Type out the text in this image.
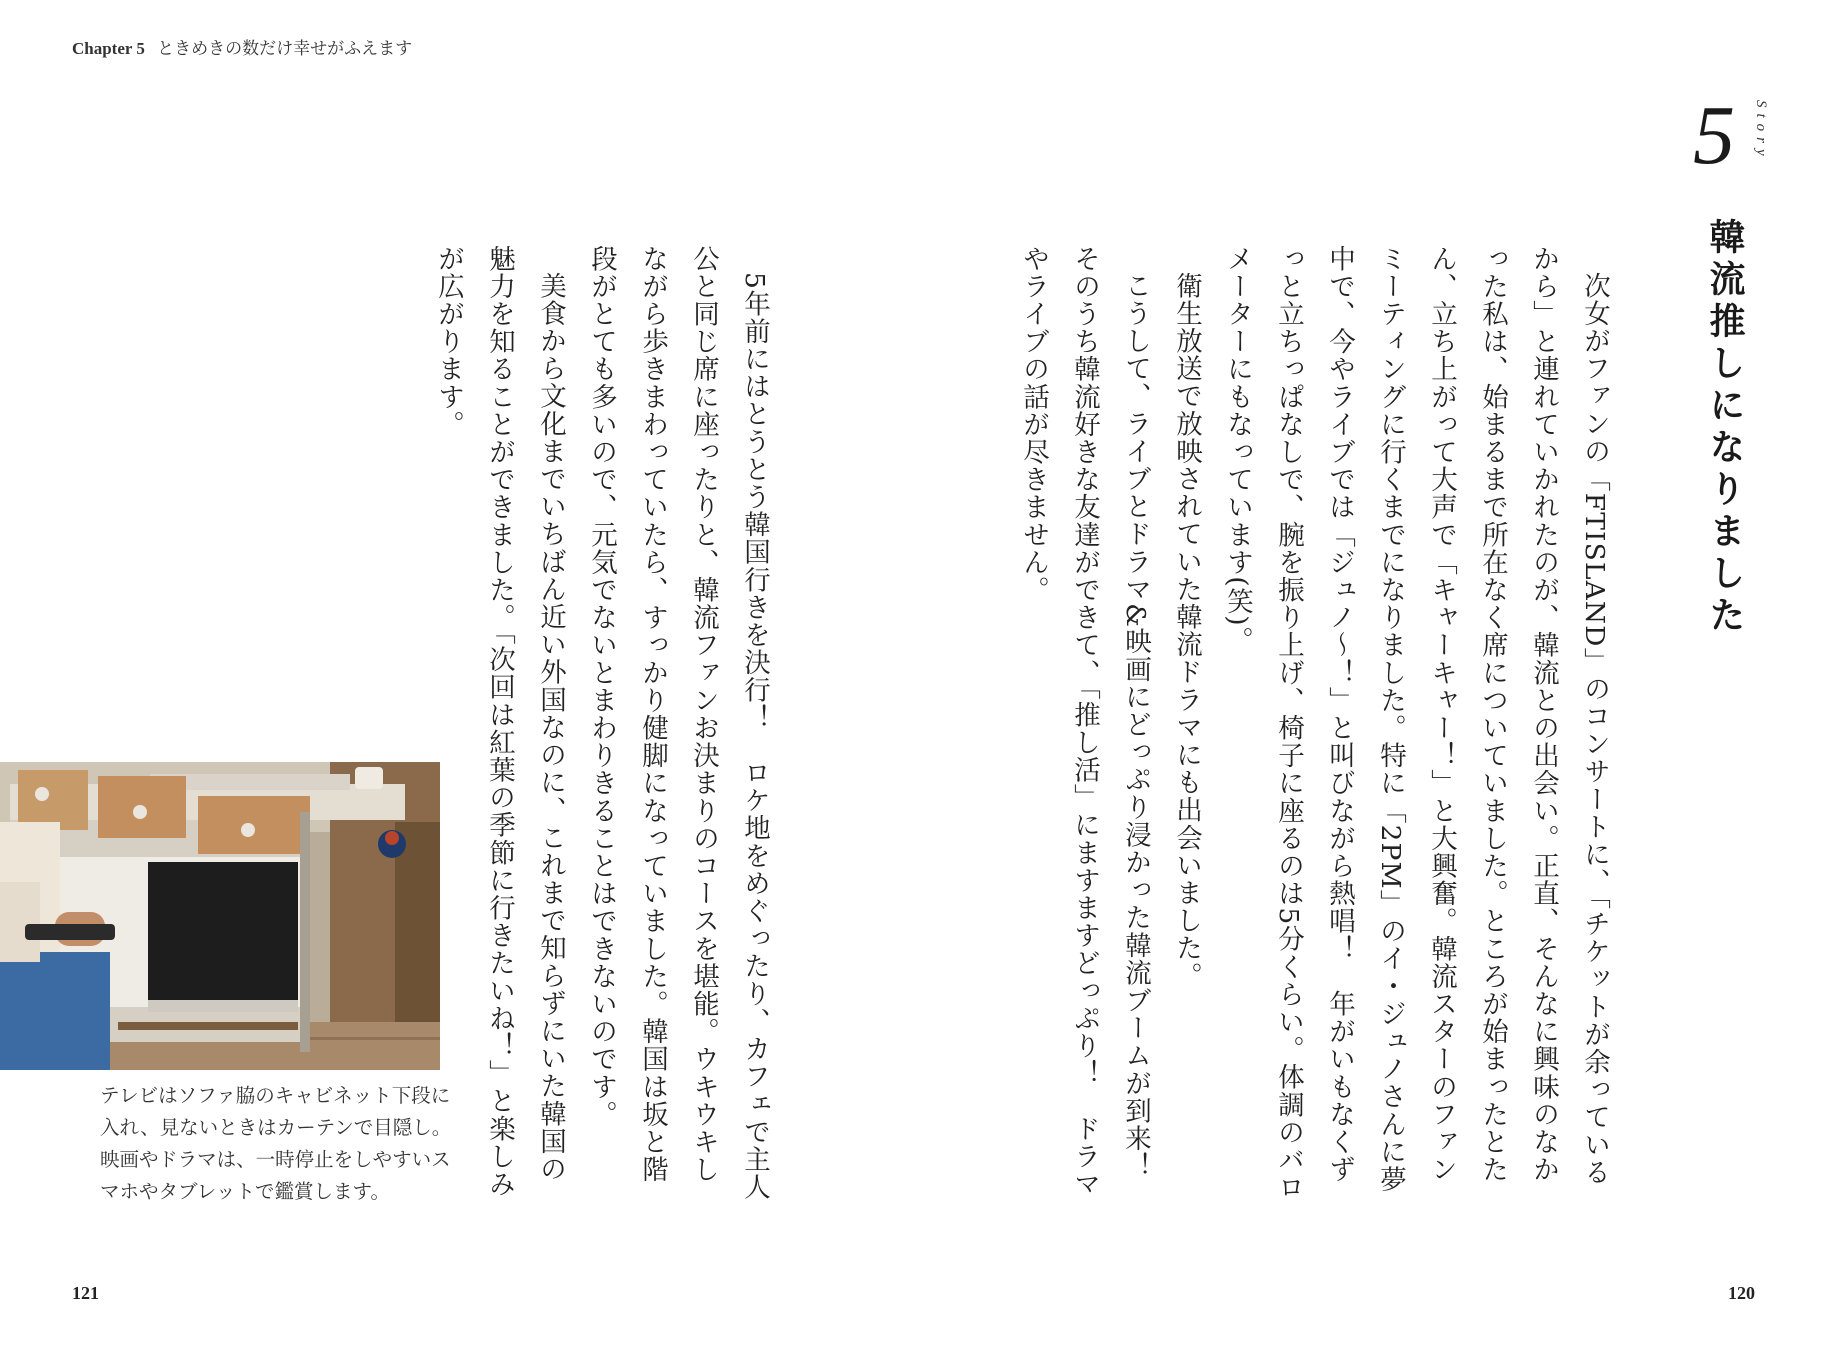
Chapter 5 ときめきの数だけ幸せがふえます
5 Story
韓流推しになりました

次女がファンの「FTISLAND」のコンサートに、「チケットが余っているから」と連れていかれたのが、韓流との出会い。正直、そんなに興味のなかった私は、始まるまで所在なく席についていました。ところが始まったとたん、立ち上がって大声で「キャーキャー！」と大興奮。韓流スターのファンミーティングに行くまでになりました。特に「2PM」のイ・ジュノさんに夢中で、今やライブでは「ジュノ〜！」と叫びながら熱唱！　年がいもなくずっと立ちっぱなしで、腕を振り上げ、椅子に座るのは5分くらい。体調のバロメーターにもなっています(笑)。

衛生放送で放映されていた韓流ドラマにも出会いました。

こうして、ライブとドラマ&映画にどっぷり浸かった韓流ブームが到来！　そのうち韓流好きな友達ができて、「推し活」にますますどっぷり！　ドラマやライブの話が尽きません。

5年前にはとうとう韓国行きを決行！　ロケ地をめぐったり、カフェで主人公と同じ席に座ったりと、韓流ファンお決まりのコースを堪能。ウキウキしながら歩きまわっていたら、すっかり健脚になっていました。韓国は坂と階段がとても多いので、元気でないとまわりきることはできないのです。

美食から文化までいちばん近い外国なのに、これまで知らずにいた韓国の魅力を知ることができました。「次回は紅葉の季節に行きたいね！」と楽しみが広がります。

テレビはソファ脇のキャビネット下段に入れ、見ないときはカーテンで目隠し。映画やドラマは、一時停止をしやすいスマホやタブレットで鑑賞します。
121	120
